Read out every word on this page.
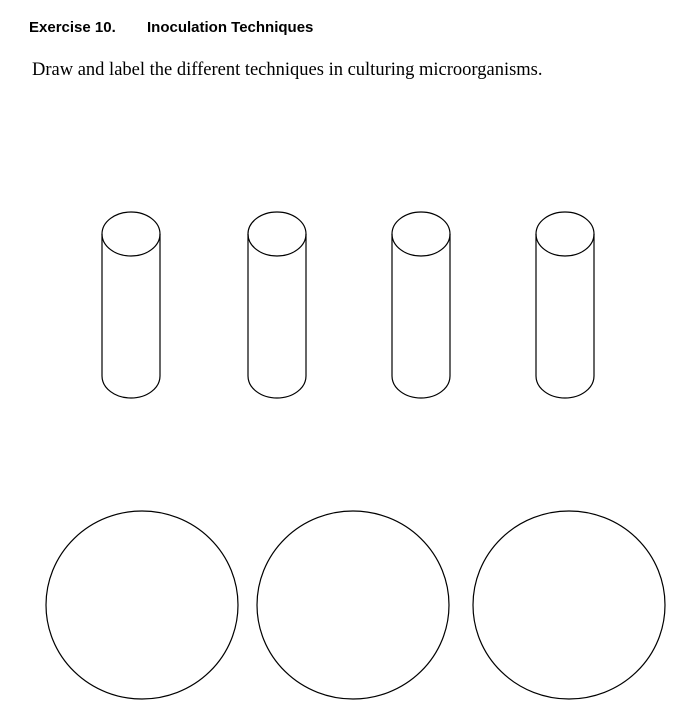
Exercise 10. Inoculation Techniques
Draw and label the different techniques in culturing microorganisms.
